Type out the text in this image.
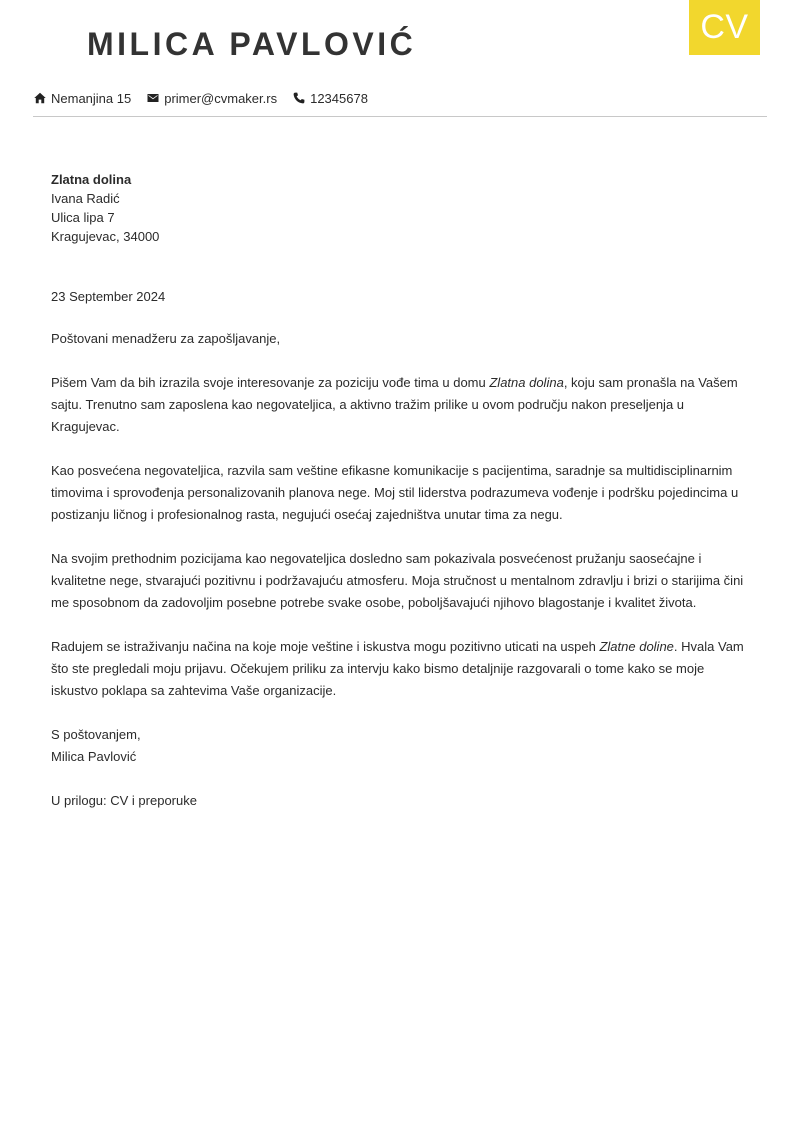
MILICA PAVLOVIĆ	CV
Nemanjina 15	primer@cvmaker.rs	12345678

Zlatna dolina

Ivana Radić

Ulica lipa 7

Kragujevac, 34000

23 September 2024

Poštovani menadžeru za zapošljavanje,

Pišem Vam da bih izrazila svoje interesovanje za poziciju vođe tima u domu Zlatna dolina, koju sam pronašla na Vašem sajtu. Trenutno sam zaposlena kao negovateljica, a aktivno tražim prilike u ovom području nakon preseljenja u Kragujevac.

Kao posvećena negovateljica, razvila sam veštine efikasne komunikacije s pacijentima, saradnje sa multidisciplinarnim timovima i sprovođenja personalizovanih planova nege. Moj stil liderstva podrazumeva vođenje i podršku pojedincima u postizanju ličnog i profesionalnog rasta, negujući osećaj zajedništva unutar tima za negu.

Na svojim prethodnim pozicijama kao negovateljica dosledno sam pokazivala posvećenost pružanju saosećajne i kvalitetne nege, stvarajući pozitivnu i podržavajuću atmosferu. Moja stručnost u mentalnom zdravlju i brizi o starijima čini me sposobnom da zadovoljim posebne potrebe svake osobe, poboljšavajući njihovo blagostanje i kvalitet života.

Radujem se istraživanju načina na koje moje veštine i iskustva mogu pozitivno uticati na uspeh Zlatne doline. Hvala Vam što ste pregledali moju prijavu. Očekujem priliku za intervju kako bismo detaljnije razgovarali o tome kako se moje iskustvo poklapa sa zahtevima Vaše organizacije.

S poštovanjem,

Milica Pavlović

U prilogu: CV i preporuke
